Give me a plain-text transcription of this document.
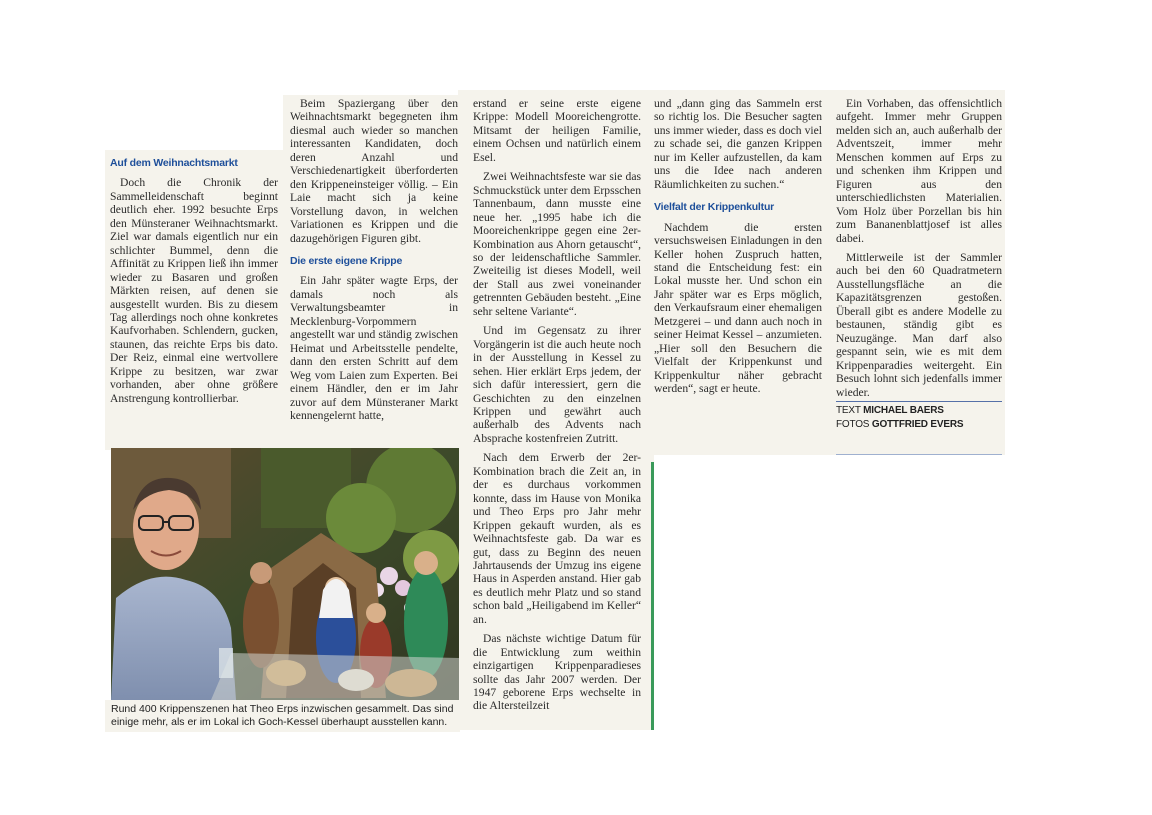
Auf dem Weihnachtsmarkt

Doch die Chronik der Sammelleidenschaft beginnt deutlich eher. 1992 besuchte Erps den Münsteraner Weihnachtsmarkt. Ziel war damals eigentlich nur ein schlichter Bummel, denn die Affinität zu Krippen ließ ihn immer wieder zu Basaren und großen Märkten reisen, auf denen sie ausgestellt wurden. Bis zu diesem Tag allerdings noch ohne konkretes Kaufvorhaben. Schlendern, gucken, staunen, das reichte Erps bis dato. Der Reiz, einmal eine wertvollere Krippe zu besitzen, war zwar vorhanden, aber ohne größere Anstrengung kontrollierbar.

Beim Spaziergang über den Weihnachtsmarkt begegneten ihm diesmal auch wieder so manchen interessanten Kandidaten, doch deren Anzahl und Verschiedenartigkeit überforderten den Krippeneinsteiger völlig. – Ein Laie macht sich ja keine Vorstellung davon, in welchen Variationen es Krippen und die dazugehörigen Figuren gibt.

Die erste eigene Krippe

Ein Jahr später wagte Erps, der damals noch als Verwaltungsbeamter in Mecklenburg-Vorpommern angestellt war und ständig zwischen Heimat und Arbeitsstelle pendelte, dann den ersten Schritt auf dem Weg vom Laien zum Experten. Bei einem Händler, den er im Jahr zuvor auf dem Münsteraner Markt kennengelernt hatte,

erstand er seine erste eigene Krippe: Modell Mooreichengrotte. Mitsamt der heiligen Familie, einem Ochsen und natürlich einem Esel.

Zwei Weihnachtsfeste war sie das Schmuckstück unter dem Erpsschen Tannenbaum, dann musste eine neue her. „1995 habe ich die Mooreichenkrippe gegen eine 2er-Kombination aus Ahorn getauscht“, so der leidenschaftliche Sammler. Zweiteilig ist dieses Modell, weil der Stall aus zwei voneinander getrennten Gebäuden besteht. „Eine sehr seltene Variante“.

Und im Gegensatz zu ihrer Vorgängerin ist die auch heute noch in der Ausstellung in Kessel zu sehen. Hier erklärt Erps jedem, der sich dafür interessiert, gern die Geschichten zu den einzelnen Krippen und gewährt auch außerhalb des Advents nach Absprache kostenfreien Zutritt.

Nach dem Erwerb der 2er-Kombination brach die Zeit an, in der es durchaus vorkommen konnte, dass im Hause von Monika und Theo Erps pro Jahr mehr Krippen gekauft wurden, als es Weihnachtsfeste gab. Da war es gut, dass zu Beginn des neuen Jahrtausends der Umzug ins eigene Haus in Asperden anstand. Hier gab es deutlich mehr Platz und so stand schon bald „Heiligabend im Keller“ an.

Das nächste wichtige Datum für die Entwicklung zum weithin einzigartigen Krippenparadieses sollte das Jahr 2007 werden. Der 1947 geborene Erps wechselte in die Altersteilzeit

und „dann ging das Sammeln erst so richtig los. Die Besucher sagten uns immer wieder, dass es doch viel zu schade sei, die ganzen Krippen nur im Keller aufzustellen, da kam uns die Idee nach anderen Räumlichkeiten zu suchen.“

Vielfalt der Krippenkultur

Nachdem die ersten versuchsweisen Einladungen in den Keller hohen Zuspruch hatten, stand die Entscheidung fest: ein Lokal musste her. Und schon ein Jahr später war es Erps möglich, den Verkaufsraum einer ehemaligen Metzgerei – und dann auch noch in seiner Heimat Kessel – anzumieten. „Hier soll den Besuchern die Vielfalt der Krippenkunst und Krippenkultur näher gebracht werden“, sagt er heute.

Ein Vorhaben, das offensichtlich aufgeht. Immer mehr Gruppen melden sich an, auch außerhalb der Adventszeit, immer mehr Menschen kommen auf Erps zu und schenken ihm Krippen und Figuren aus den unterschiedlichsten Materialien. Vom Holz über Porzellan bis hin zum Bananenblattjosef ist alles dabei.

Mittlerweile ist der Sammler auch bei den 60 Quadratmetern Ausstellungsfläche an die Kapazitätsgrenzen gestoßen. Überall gibt es andere Modelle zu bestaunen, ständig gibt es Neuzugänge. Man darf also gespannt sein, wie es mit dem Krippenparadies weitergeht. Ein Besuch lohnt sich jedenfalls immer wieder.

TEXT MICHAEL BAERS
FOTOS GOTTFRIED EVERS
Rund 400 Krippenszenen hat Theo Erps inzwischen gesammelt. Das sind einige mehr, als er im Lokal ich Goch-Kessel überhaupt ausstellen kann.
